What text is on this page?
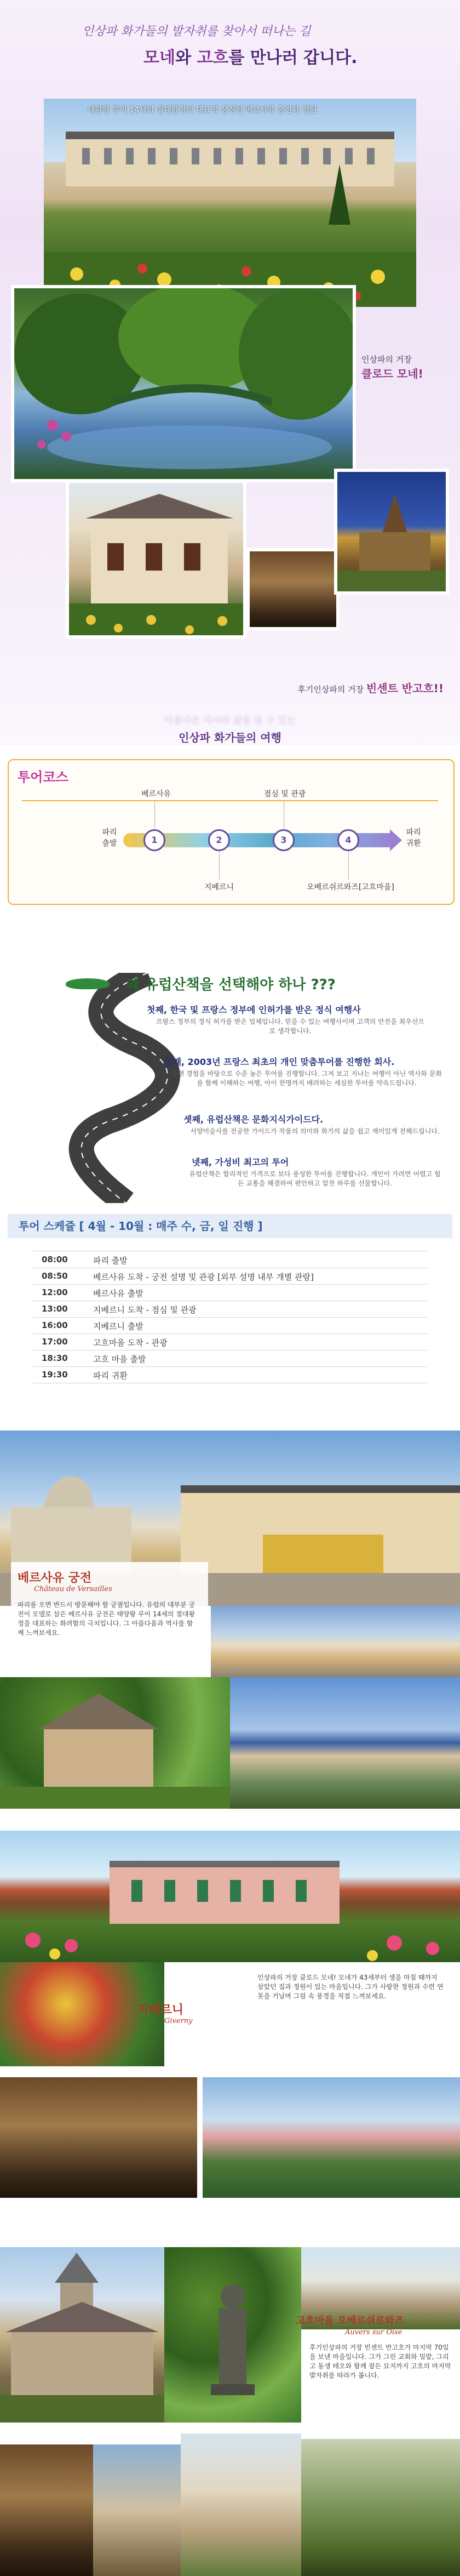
인상파 화가들의 발자취를 찾아서 떠나는 길
모네와 고흐를 만나러 갑니다.
태양왕 루이 14세의 절대왕정의 대표적 상징인 베르사유 궁전과 정원
인상파의 거장
클로드 모네!
후기인상파의 거장 빈센트 반고흐!!
아름다운 역사와 삶을 볼 수 있는
인상파 화가들의 여행
투어코스
파리
출발
파리
귀환
1	2	3	4
베르사유
지베르니
점심 및 관광
오베르쉬르와즈[고흐마을]
왜 유럽산책을 선택해야 하나 ???
첫째, 한국 및 프랑스 정부에 인허가를 받은 정식 여행사
프랑스 정부의 정식 허가를 받은 업체입니다. 믿을 수 있는 여행사이며 고객의 안전을 최우선으로 생각합니다.
둘째, 2003년 프랑스 최초의 개인 맞춤투어를 진행한 회사.
오랜 경험을 바탕으로 수준 높은 투어를 진행합니다. 그저 보고 지나는 여행이 아닌 역사와 문화를 함께 이해하는 여행, 아이 한명까지 배려하는 세심한 투어를 약속드립니다.
셋째, 유럽산책은 문화지식가이드다.
서양미술사를 전공한 가이드가 작품의 의미와 화가의 삶을 쉽고 재미있게 전해드립니다.
넷째, 가성비 최고의 투어
유럽산책은 합리적인 가격으로 보다 풍성한 투어를 진행합니다. 개인이 가려면 어렵고 힘든 교통을 해결하여 편안하고 알찬 하루를 선물합니다.
투어 스케쥴 [ 4월 - 10월 : 매주 수, 금, 일 진행 ]
08:00	파리 출발
08:50	베르사유 도착 - 궁전 설명 및 관광 [외부 설명 내부 개별 관람]
12:00	베르사유 출발
13:00	지베르니 도착 - 점심 및 관광
16:00	지베르니 출발
17:00	고흐마을 도착 - 관광
18:30	고흐 마을 출발
19:30	파리 귀환
베르사유 궁전
Château de Versailles
파리를 오면 반드시 방문해야 할 궁궐입니다. 유럽의 대부분 궁전이 모델로 삼은 베르사유 궁전은 태양왕 루이 14세의 절대왕정을 대표하는 화려함의 극치입니다. 그 아름다움과 역사를 함께 느껴보세요.
지베르니
Giverny
인상파의 거장 클로드 모네! 모네가 43세부터 생을 마칠 때까지 살았던 집과 정원이 있는 마을입니다. 그가 사랑한 정원과 수련 연못을 거닐며 그림 속 풍경을 직접 느껴보세요.
고흐마을 오베르쉬르와즈
Auvers sur Oise
후기인상파의 거장 빈센트 반고흐가 마지막 70일을 보낸 마을입니다. 그가 그린 교회와 밀밭, 그리고 동생 테오와 함께 잠든 묘지까지 고흐의 마지막 발자취를 따라가 봅니다.
